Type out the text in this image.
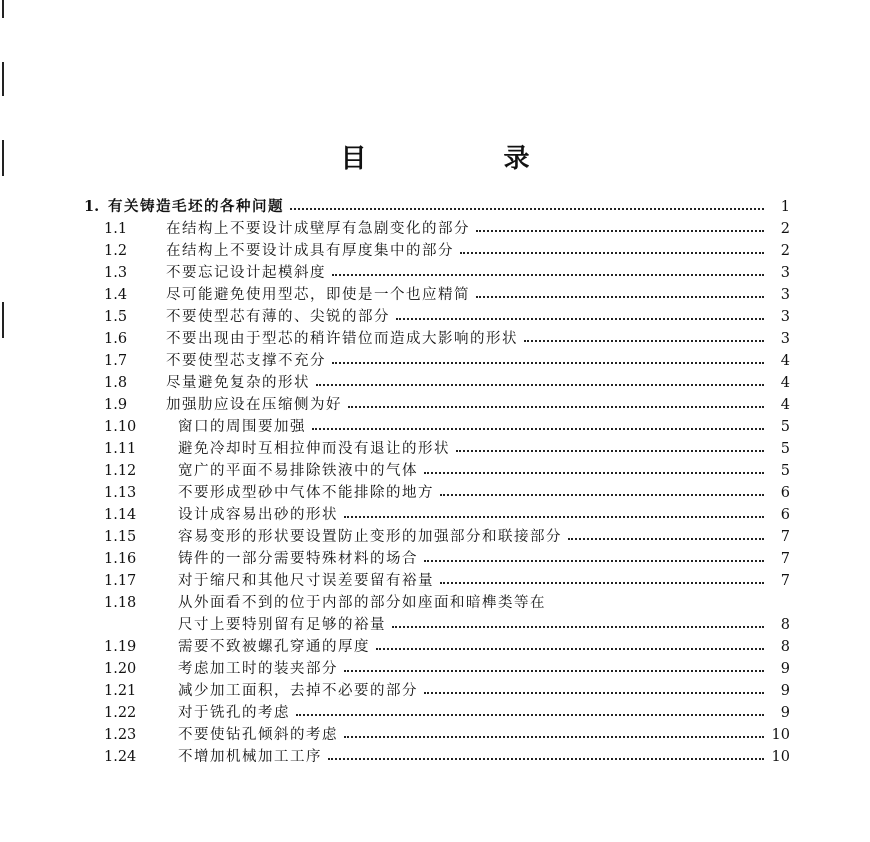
目 录
1. 有关铸造毛坯的各种问题	1
1.1	在结构上不要设计成壁厚有急剧变化的部分	2
1.2	在结构上不要设计成具有厚度集中的部分	2
1.3	不要忘记设计起模斜度	3
1.4	尽可能避免使用型芯，即使是一个也应精简	3
1.5	不要使型芯有薄的、尖锐的部分	3
1.6	不要出现由于型芯的稍许错位而造成大影响的形状	3
1.7	不要使型芯支撑不充分	4
1.8	尽量避免复杂的形状	4
1.9	加强肋应设在压缩侧为好	4
1.10	窗口的周围要加强	5
1.11	避免冷却时互相拉伸而没有退让的形状	5
1.12	宽广的平面不易排除铁液中的气体	5
1.13	不要形成型砂中气体不能排除的地方	6
1.14	设计成容易出砂的形状	6
1.15	容易变形的形状要设置防止变形的加强部分和联接部分	7
1.16	铸件的一部分需要特殊材料的场合	7
1.17	对于缩尺和其他尺寸误差要留有裕量	7
1.18	从外面看不到的位于内部的部分如座面和暗榫类等在
尺寸上要特别留有足够的裕量	8
1.19	需要不致被螺孔穿通的厚度	8
1.20	考虑加工时的装夹部分	9
1.21	减少加工面积，去掉不必要的部分	9
1.22	对于铣孔的考虑	9
1.23	不要使钻孔倾斜的考虑	10
1.24	不增加机械加工工序	10
